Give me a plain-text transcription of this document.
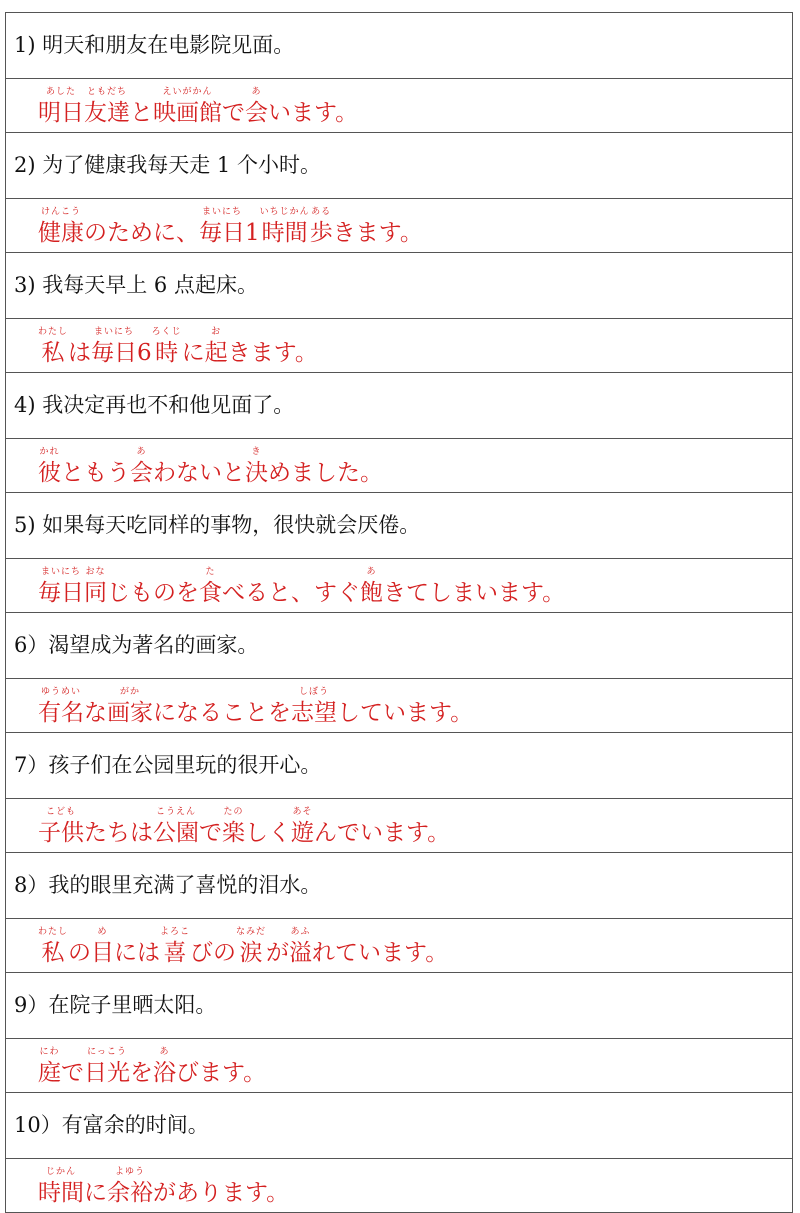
1) 明天和朋友在电影院见面。
あした
明日
ともだち
友達 と
えいがかん
映画館 で
あ
会 います。
2) 为了健康我每天走 1 个小时。
けんこう
健康 のために、
まいにち
毎日 1
いちじかん
時間
ある
歩 きます。
3) 我每天早上 6 点起床。
わたし
私 は
まいにち
毎日 6
ろくじ
時 に
お
起 きます。
4) 我决定再也不和他见面了。
かれ
彼 ともう
あ
会 わないと
き
決 めました。
5) 如果每天吃同样的事物，很快就会厌倦。
まいにち
毎日
おな
同 じものを
た
食 べると、すぐ
あ
飽 きてしまいます。
6）渴望成为著名的画家。
ゆうめい
有名 な
がか
画家 になることを
しぼう
志望 しています。
7）孩子们在公园里玩的很开心。
こども
子供 たちは
こうえん
公園 で
たの
楽 しく
あそ
遊 んでいます。
8）我的眼里充满了喜悦的泪水。
わたし
私 の
め
目 には
よろこ
喜 びの
なみだ
涙 が
あふ
溢 れています。
9）在院子里晒太阳。
にわ
庭 で
にっこう
日光 を
あ
浴 びます。
10）有富余的时间。
じかん
時間 に
よゆう
余裕 があります。
